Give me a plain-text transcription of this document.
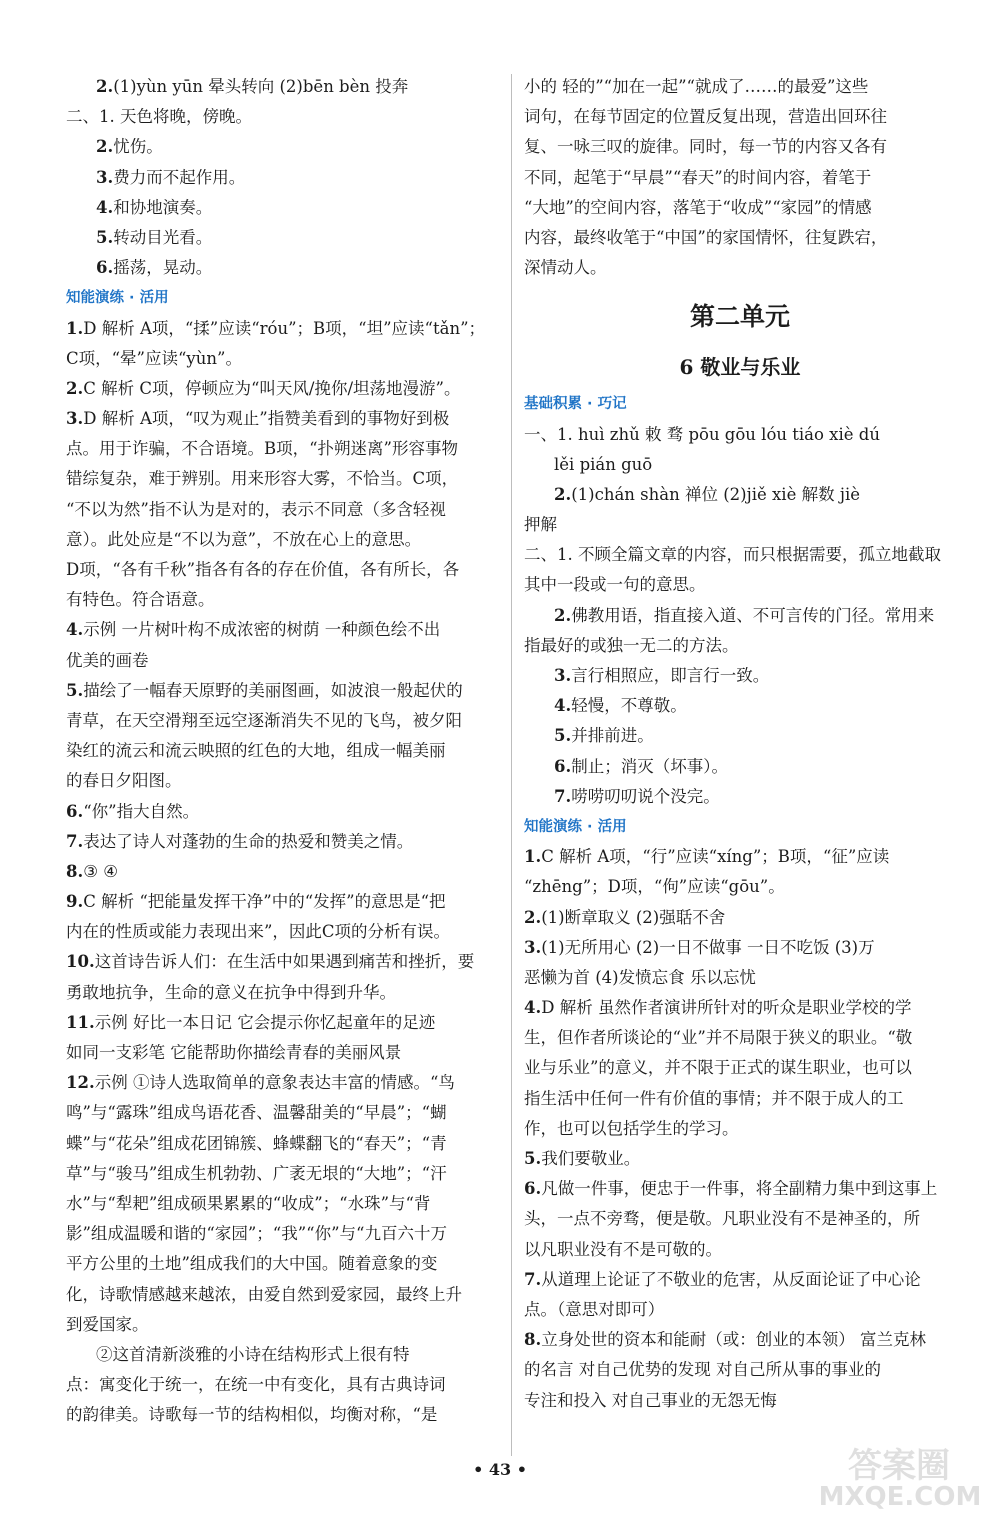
2.(1)yùn yūn 晕头转向 (2)bēn bèn 投奔
二、1. 天色将晚，傍晚。
2.忧伤。
3.费力而不起作用。
4.和协地演奏。
5.转动目光看。
6.摇荡，晃动。
知能演练 · 活用
1.D 解析 A项，“揉”应读“róu”；B项，“坦”应读“tǎn”；
C项，“晕”应读“yùn”。
2.C 解析 C项，停顿应为“叫天风/挽你/坦荡地漫游”。
3.D 解析 A项，“叹为观止”指赞美看到的事物好到极
点。用于诈骗，不合语境。B项，“扑朔迷离”形容事物
错综复杂，难于辨别。用来形容大雾，不恰当。C项，
“不以为然”指不认为是对的，表示不同意（多含轻视
意）。此处应是“不以为意”，不放在心上的意思。
D项，“各有千秋”指各有各的存在价值，各有所长，各
有特色。符合语意。
4.示例 一片树叶构不成浓密的树荫 一种颜色绘不出
优美的画卷
5.描绘了一幅春天原野的美丽图画，如波浪一般起伏的
青草，在天空滑翔至远空逐渐消失不见的飞鸟，被夕阳
染红的流云和流云映照的红色的大地，组成一幅美丽
的春日夕阳图。
6.“你”指大自然。
7.表达了诗人对蓬勃的生命的热爱和赞美之情。
8.③ ④
9.C 解析 “把能量发挥干净”中的“发挥”的意思是“把
内在的性质或能力表现出来”，因此C项的分析有误。
10.这首诗告诉人们：在生活中如果遇到痛苦和挫折，要
勇敢地抗争，生命的意义在抗争中得到升华。
11.示例 好比一本日记 它会提示你忆起童年的足迹
如同一支彩笔 它能帮助你描绘青春的美丽风景
12.示例 ①诗人选取简单的意象表达丰富的情感。“鸟
鸣”与“露珠”组成鸟语花香、温馨甜美的“早晨”；“蝴
蝶”与“花朵”组成花团锦簇、蜂蝶翻飞的“春天”；“青
草”与“骏马”组成生机勃勃、广袤无垠的“大地”；“汗
水”与“犁耙”组成硕果累累的“收成”；“水珠”与“背
影”组成温暖和谐的“家园”；“我”“你”与“九百六十万
平方公里的土地”组成我们的大中国。随着意象的变
化，诗歌情感越来越浓，由爱自然到爱家园，最终上升
到爱国家。
②这首清新淡雅的小诗在结构形式上很有特
点：寓变化于统一，在统一中有变化，具有古典诗词
的韵律美。诗歌每一节的结构相似，均衡对称，“是
小的 轻的”“加在一起”“就成了……的最爱”这些
词句，在每节固定的位置反复出现，营造出回环往
复、一咏三叹的旋律。同时，每一节的内容又各有
不同，起笔于“早晨”“春天”的时间内容，着笔于
“大地”的空间内容，落笔于“收成”“家园”的情感
内容，最终收笔于“中国”的家国情怀，往复跌宕，
深情动人。
第二单元
6 敬业与乐业
基础积累 · 巧记
一、1. huì zhǔ 敕 骛 pōu gōu lóu tiáo xiè dú
lěi pián guō
2.(1)chán shàn 禅位 (2)jiě xiè 解数 jiè
押解
二、1. 不顾全篇文章的内容，而只根据需要，孤立地截取
其中一段或一句的意思。
2.佛教用语，指直接入道、不可言传的门径。常用来
指最好的或独一无二的方法。
3.言行相照应，即言行一致。
4.轻慢，不尊敬。
5.并排前进。
6.制止；消灭（坏事）。
7.唠唠叨叨说个没完。
知能演练 · 活用
1.C 解析 A项，“行”应读“xíng”；B项，“征”应读
“zhēng”；D项，“佝”应读“gōu”。
2.(1)断章取义 (2)强聒不舍
3.(1)无所用心 (2)一日不做事 一日不吃饭 (3)万
恶懒为首 (4)发愤忘食 乐以忘忧
4.D 解析 虽然作者演讲所针对的听众是职业学校的学
生，但作者所谈论的“业”并不局限于狭义的职业。“敬
业与乐业”的意义，并不限于正式的谋生职业，也可以
指生活中任何一件有价值的事情；并不限于成人的工
作，也可以包括学生的学习。
5.我们要敬业。
6.凡做一件事，便忠于一件事，将全副精力集中到这事上
头，一点不旁骛，便是敬。凡职业没有不是神圣的，所
以凡职业没有不是可敬的。
7.从道理上论证了不敬业的危害，从反面论证了中心论
点。（意思对即可）
8.立身处世的资本和能耐（或：创业的本领） 富兰克林
的名言 对自己优势的发现 对自己所从事的事业的
专注和投入 对自己事业的无怨无悔
• 43 •	答案圈
MXQE.COM
